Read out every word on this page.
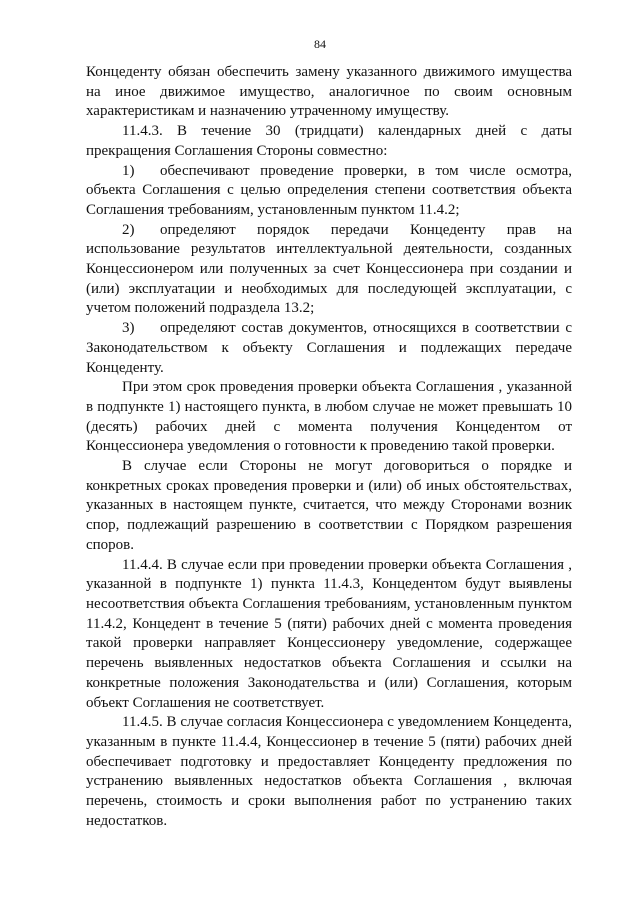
84

Концеденту обязан обеспечить замену указанного движимого имущества на иное движимое имущество, аналогичное по своим основным характеристикам и назначению утраченному имуществу.

11.4.3. В течение 30 (тридцати) календарных дней с даты прекращения Соглашения Стороны совместно:

1) обеспечивают проведение проверки, в том числе осмотра, объекта Соглашения с целью определения степени соответствия объекта Соглашения требованиям, установленным пунктом 11.4.2;

2) определяют порядок передачи Концеденту прав на использование результатов интеллектуальной деятельности, созданных Концессионером или полученных за счет Концессионера при создании и (или) эксплуатации и необходимых для последующей эксплуатации, с учетом положений подраздела 13.2;

3) определяют состав документов, относящихся в соответствии с Законодательством к объекту Соглашения и подлежащих передаче Концеденту.

При этом срок проведения проверки объекта Соглашения , указанной в подпункте 1) настоящего пункта, в любом случае не может превышать 10 (десять) рабочих дней с момента получения Концедентом от Концессионера уведомления о готовности к проведению такой проверки.

В случае если Стороны не могут договориться о порядке и конкретных сроках проведения проверки и (или) об иных обстоятельствах, указанных в настоящем пункте, считается, что между Сторонами возник спор, подлежащий разрешению в соответствии с Порядком разрешения споров.

11.4.4. В случае если при проведении проверки объекта Соглашения , указанной в подпункте 1) пункта 11.4.3, Концедентом будут выявлены несоответствия объекта Соглашения требованиям, установленным пунктом 11.4.2, Концедент в течение 5 (пяти) рабочих дней с момента проведения такой проверки направляет Концессионеру уведомление, содержащее перечень выявленных недостатков объекта Соглашения и ссылки на конкретные положения Законодательства и (или) Соглашения, которым объект Соглашения не соответствует.

11.4.5. В случае согласия Концессионера с уведомлением Концедента, указанным в пункте 11.4.4, Концессионер в течение 5 (пяти) рабочих дней обеспечивает подготовку и предоставляет Концеденту предложения по устранению выявленных недостатков объекта Соглашения , включая перечень, стоимость и сроки выполнения работ по устранению таких недостатков.
